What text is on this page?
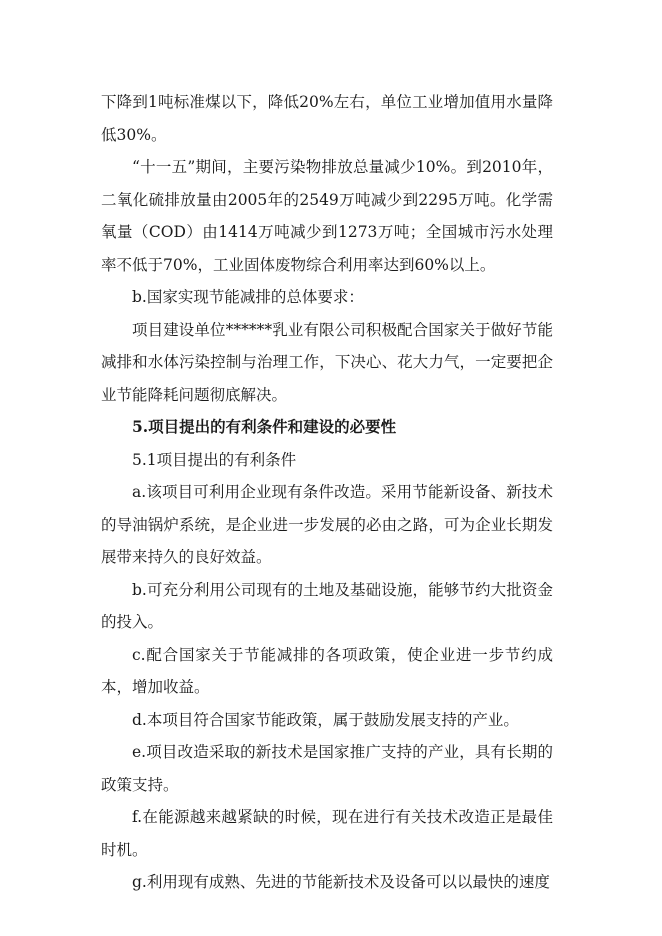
下降到1吨标准煤以下，降低20%左右，单位工业增加值用水量降低30%。

“十一五”期间，主要污染物排放总量减少10%。到2010年，二氧化硫排放量由2005年的2549万吨减少到2295万吨。化学需氧量（COD）由1414万吨减少到1273万吨；全国城市污水处理率不低于70%，工业固体废物综合利用率达到60%以上。

b.国家实现节能减排的总体要求：

项目建设单位******乳业有限公司积极配合国家关于做好节能减排和水体污染控制与治理工作，下决心、花大力气，一定要把企业节能降耗问题彻底解决。

5.项目提出的有利条件和建设的必要性

5.1项目提出的有利条件

a.该项目可利用企业现有条件改造。采用节能新设备、新技术的导油锅炉系统，是企业进一步发展的必由之路，可为企业长期发展带来持久的良好效益。

b.可充分利用公司现有的土地及基础设施，能够节约大批资金的投入。

c.配合国家关于节能减排的各项政策，使企业进一步节约成本，增加收益。

d.本项目符合国家节能政策，属于鼓励发展支持的产业。

e.项目改造采取的新技术是国家推广支持的产业，具有长期的政策支持。

f.在能源越来越紧缺的时候，现在进行有关技术改造正是最佳时机。

g.利用现有成熟、先进的节能新技术及设备可以以最快的速度
